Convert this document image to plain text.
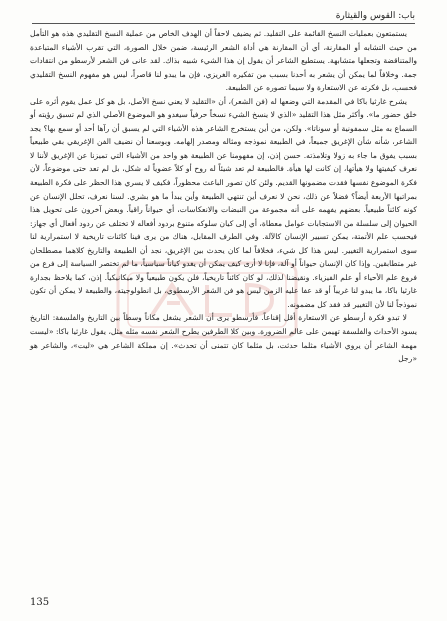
باب: القوس والقيثارة

يستمتعون بعمليات النسخ القائمة على التقليد. ثم يضيف لاحقاً أن الهدف الخاص من عملية النسخ التقليدي هذه هو التأمل من حيث التشابه أو المقارنة، أي أن المقارنة هي أداة الشعر الرئيسة، ضمن خلال الصورة، التي تقرب الأشياء المتباعدة والمتناقضة وتجعلها متشابهة. يستطيع الشاعر أن يقول إن هذا الشيء شبيه بذاك. لقد عانى فن الشعر لأرسطو من انتقادات جمة. وخلافاً لما يمكن أن يشعر به أحدنا بسبب من تفكيره الغريزي، فإن ما يبدو لنا قاصراً، ليس هو مفهوم النسخ التقليدي فحسب، بل فكرته عن الاستعارة ولا سيما تصوره عن الطبيعة.

يشرح غارثيا باكا في المقدمة التي وضعها له (فن الشعر)، أن «التقليد لا يعني نسخ الأصل، بل هو كل عمل يقوم أثره على خلق حضور ما». وأكثر مثل هذا التقليد «الذي لا ينسخ الشيء نسخاً حرفياً سيغدو هو الموضوع الأصلي الذي لم تسبق رؤيته أو السماع به مثل سمفونية أو سوناتا». ولكن، من أين يستخرج الشاعر هذه الأشياء التي لم يسبق أن رآها أحد أو سمع بها؟ يجد الشاعر، شأنه شأن الإغريق جميعاً، في الطبيعة نموذجه ومثاله ومصدر إلهامه. وبوسعنا أن نضيف الفن الإغريقي بقي طبيعياً بسبب يفوق ما جاء به زولا وتلامذته. حسن إذن، إن مفهومنا عن الطبيعة هو واحد من الأشياء التي تميزنا عن الإغريق لأننا لا نعرف كيفيتها ولا هيأتها، إن كانت لها هيأة. فالطبيعة لم تعد شيئاً له روح أو كلاً عضوياً له شكل، بل لم تعد حتى موضوعاً، لأن فكرة الموضوع نفسها فقدت مضمونها القديم. ولئن كان تصور الباعث محظوراً، فكيف لا يسري هذا الحظر على فكرة الطبيعة بمراتبها الأربعة أيضاً؟ فضلاً عن ذلك، نحن لا نعرف أين تنتهي الطبيعة وأين يبدأ ما هو بشري. لسنا نعرف، تحلل الإنسان عن كونه كائناً طبيعياً. بعضهم يفهمه على أنه مجموعة من النبضات والانعكاسات، أي حيواناً راقياً. وبعض آخرون على تحويل هذا الحيوان إلى سلسلة من الاستجابات عوامل معطاة، أي إلى كيان سلوكه متنوع بردود أفعاله لا تختلف عن ردود أفعال أي جهاز: فيحسب علم الأتمتة، يمكن تسيير الإنسان كالآلة. وفي الطرف المقابل، هناك من يرى فينا كائنات تاريخية لا استمرارية لنا سوى استمرارية التغيير. ليس هذا كل شيء، فخلافاً لما كان يحدث بين الإغريق، نجد أن الطبيعة والتاريخ كلاهما مصطلحان غير متطابقين. وإذا كان الإنسان حيواناً أو آلة، فإنا لا أرى كيف يمكن أن يغدو كياناً سياسياً، ما لم تختصر السياسة إلى فرع من فروع علم الأحياء أو علم الفيزياء. ونقيضنا لذلك، لو كان كائناً تاريخياً، فلن يكون طبيعياً ولا ميكانيكياً. إذن، كما يلاحظ بجدارة غارثيا باكا، ما يبدو لنا غريباً أو قد عفا عليه الزمن ليس هو فن الشعر الأرسطوي، بل انطولوجيته، والطبيعة لا يمكن أن تكون نموذجاً لنا لأن التغيير قد فقد كل مضمونه.

لا تبدو فكرة أرسطو عن الاستعارة أقل إقناعاً. فأرسطو يرى أن الشعر يشغل مكاناً وسطاً بين التاريخ والفلسفة: التاريخ يسود الأحداث والفلسفة تهيمن على عالم الضرورة. وبين كلا الطرفين يطرح الشعر نفسه مثله مثل، يقول غارثيا باكا: «ليست مهمة الشاعر أن يروي الأشياء مثلما حدثت، بل مثلما كان تتمنى أن تحدث». إن مملكة الشاعر هي «ليت»، والشاعر هو «رجل

135
